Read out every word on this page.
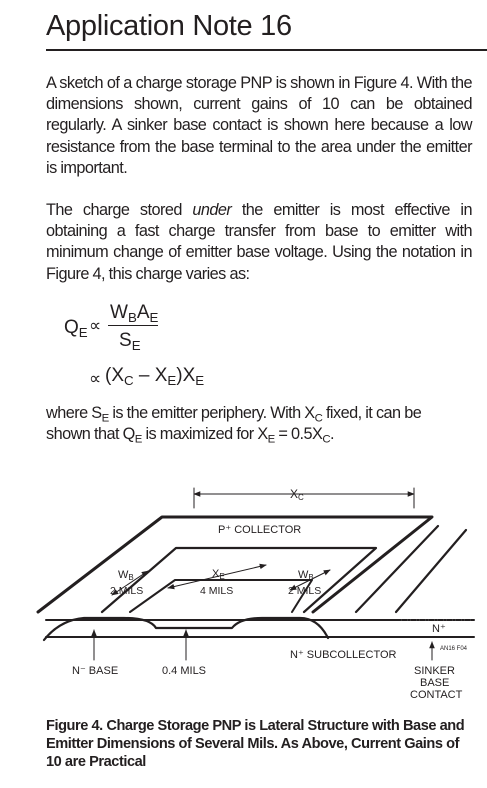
Application Note 16

A sketch of a charge storage PNP is shown in Figure 4. With the dimensions shown, current gains of 10 can be obtained regularly. A sinker base contact is shown here because a low resistance from the base terminal to the area under the emitter is important.

The charge stored under the emitter is most effective in obtaining a fast charge transfer from base to emitter with minimum change of emitter base voltage. Using the notation in Figure 4, this charge varies as:

$Q_E$ ∝
$W_BA_E$
$S_E$
∝ $(X_C - X_E)X_E$

where $S_E$ is the emitter periphery. With $X_C$ fixed, it can be
shown that $Q_E$ is maximized for $X_E = 0.5X_C$.

XC
P⁺ COLLECTOR
WB
2 MILS
XE
4 MILS
WB
2 MILS
N⁺
AN16 F04
N⁺ SUBCOLLECTOR
N⁻ BASE	0.4 MILS	SINKER
BASE
CONTACT
Figure 4. Charge Storage PNP is Lateral Structure with Base and
Emitter Dimensions of Several Mils. As Above, Current Gains of
10 are Practical
